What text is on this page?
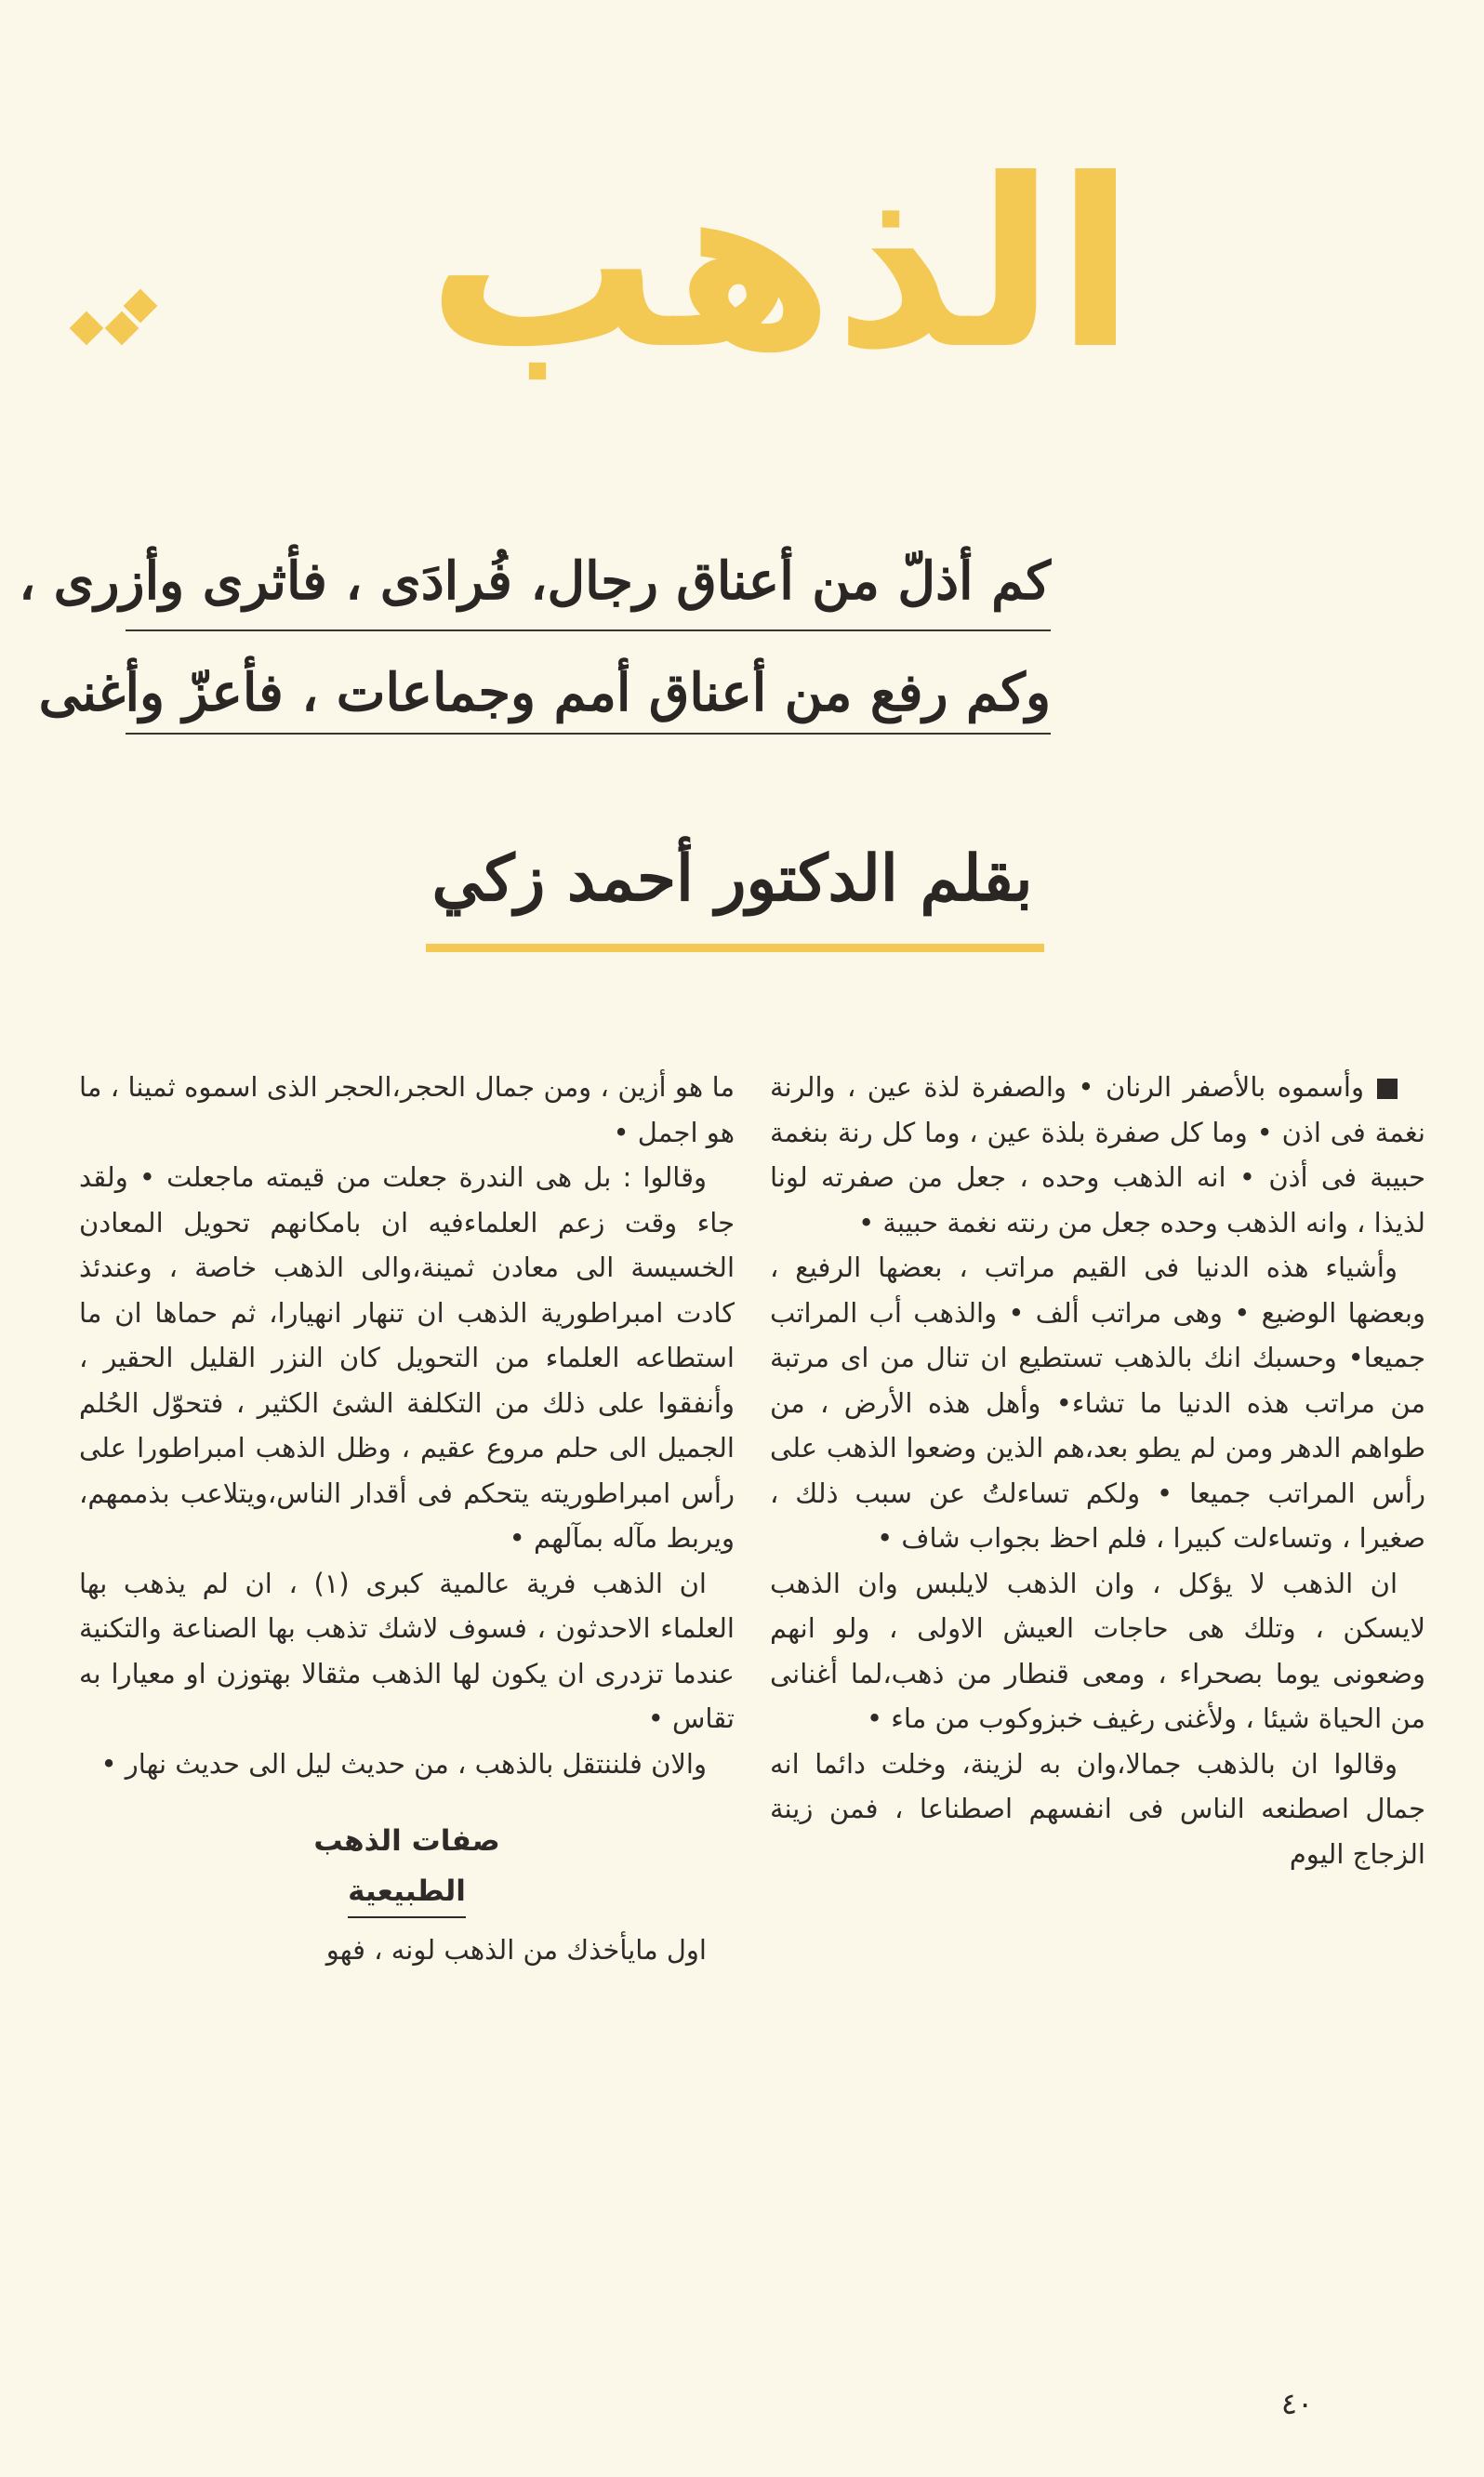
الذهب
كم أذلّ من أعناق رجال، فُرادَى ، فأثرى وأزرى ،
وكم رفع من أعناق أمم وجماعات ، فأعزّ وأغنى
بقلم الدكتور أحمد زكي

وأسموه بالأصفر الرنان • والصفرة لذة عين ، والرنة نغمة فى اذن • وما كل صفرة بلذة عين ، وما كل رنة بنغمة حبيبة فى أذن • انه الذهب وحده ، جعل من صفرته لونا لذيذا ، وانه الذهب وحده جعل من رنته نغمة حبيبة •

وأشياء هذه الدنيا فى القيم مراتب ، بعضها الرفيع ، وبعضها الوضيع • وهى مراتب ألف • والذهب أب المراتب جميعا• وحسبك انك بالذهب تستطيع ان تنال من اى مرتبة من مراتب هذه الدنيا ما تشاء• وأهل هذه الأرض ، من طواهم الدهر ومن لم يطو بعد،هم الذين وضعوا الذهب على رأس المراتب جميعا • ولكم تساءلتُ عن سبب ذلك ، صغيرا ، وتساءلت كبيرا ، فلم احظ بجواب شاف •

ان الذهب لا يؤكل ، وان الذهب لايلبس وان الذهب لايسكن ، وتلك هى حاجات العيش الاولى ، ولو انهم وضعونى يوما بصحراء ، ومعى قنطار من ذهب،لما أغنانى من الحياة شيئا ، ولأغنى رغيف خبزوكوب من ماء •

وقالوا ان بالذهب جمالا،وان به لزينة، وخلت دائما انه جمال اصطنعه الناس فى انفسهم اصطناعا ، فمن زينة الزجاج اليوم

ما هو أزين ، ومن جمال الحجر،الحجر الذى اسموه ثمينا ، ما هو اجمل •

وقالوا : بل هى الندرة جعلت من قيمته ماجعلت • ولقد جاء وقت زعم العلماءفيه ان بامكانهم تحويل المعادن الخسيسة الى معادن ثمينة،والى الذهب خاصة ، وعندئذ كادت امبراطورية الذهب ان تنهار انهيارا، ثم حماها ان ما استطاعه العلماء من التحويل كان النزر القليل الحقير ، وأنفقوا على ذلك من التكلفة الشئ الكثير ، فتحوّل الحُلم الجميل الى حلم مروع عقيم ، وظل الذهب امبراطورا على رأس امبراطوريته يتحكم فى أقدار الناس،ويتلاعب بذممهم، ويربط مآله بمآلهم •

ان الذهب فرية عالمية كبرى (١) ، ان لم يذهب بها العلماء الاحدثون ، فسوف لاشك تذهب بها الصناعة والتكنية عندما تزدرى ان يكون لها الذهب مثقالا بهتوزن او معيارا به تقاس •

والان فلننتقل بالذهب ، من حديث ليل الى حديث نهار •

صفات الذهب
الطبيعية

اول مايأخذك من الذهب لونه ، فهو

٤٠
